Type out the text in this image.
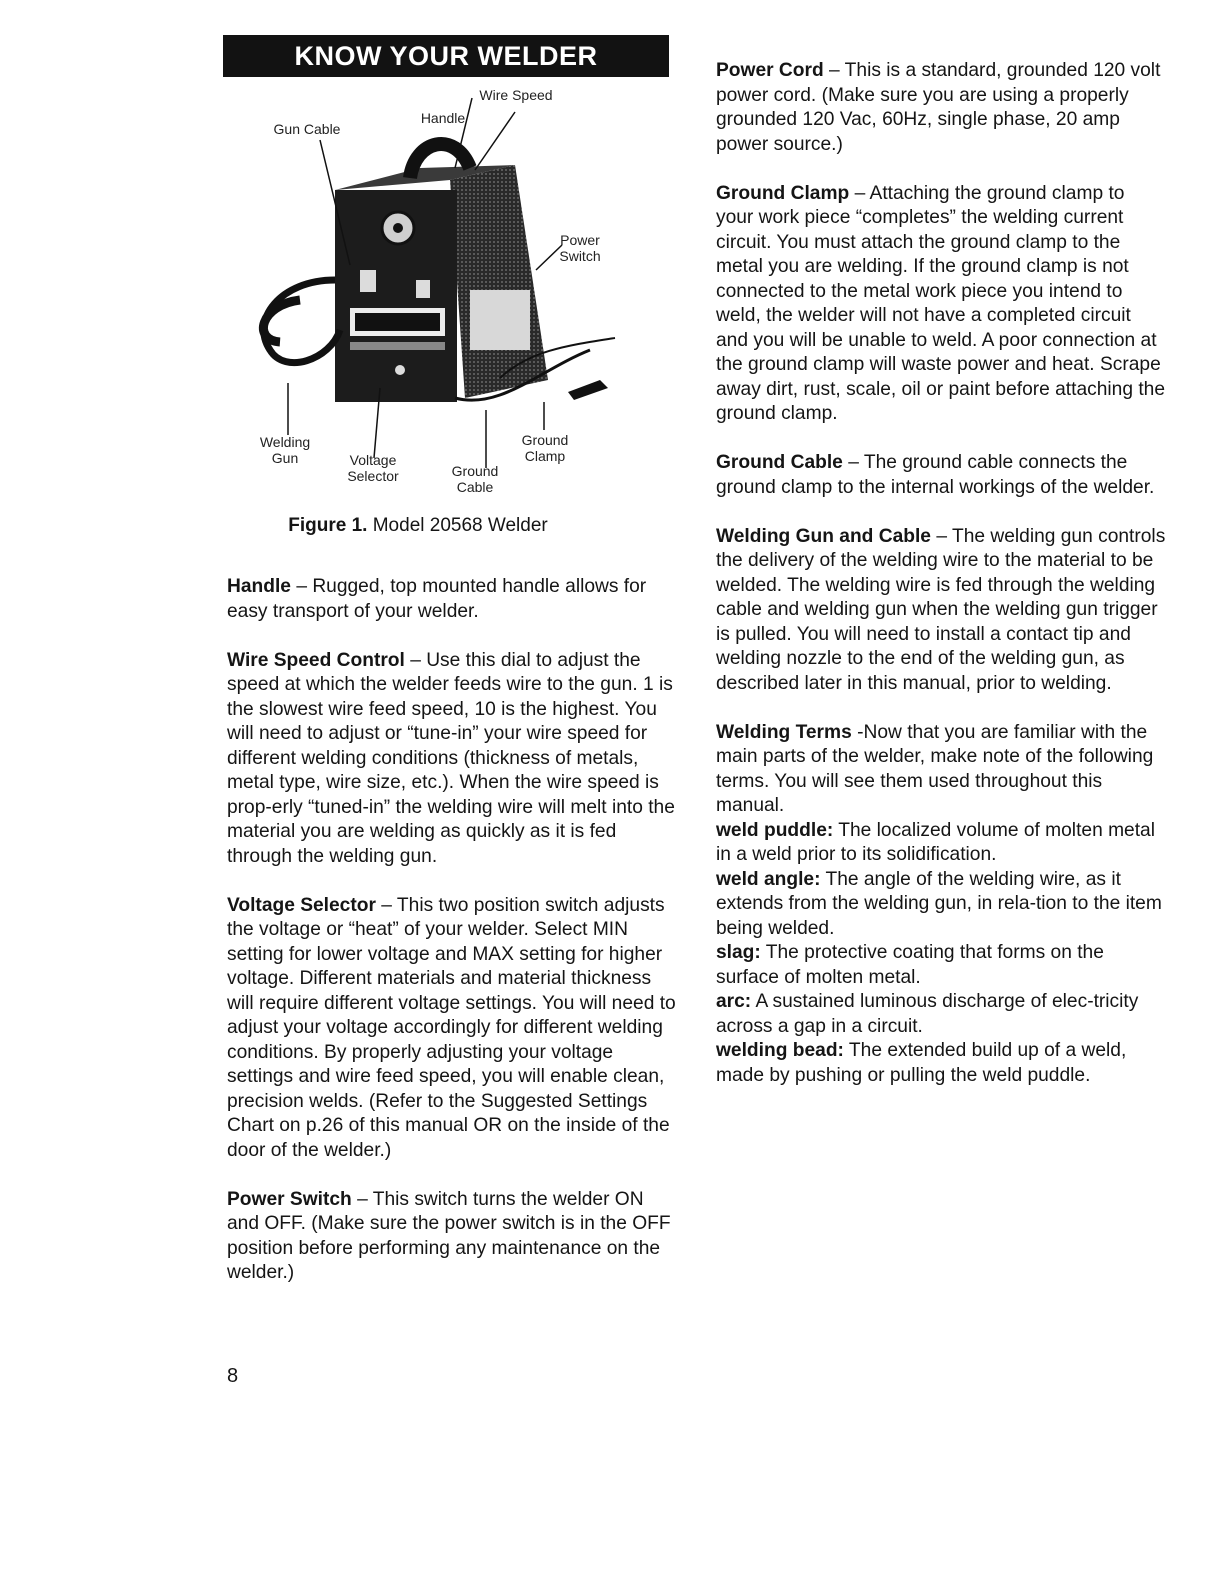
KNOW YOUR WELDER
Wire Speed
Handle
Gun Cable
Power
Switch
Welding
Gun	Voltage
Selector	Ground
Cable
Ground
Clamp
Figure 1. Model 20568 Welder

Handle – Rugged, top mounted handle allows for easy transport of your welder.

Wire Speed Control – Use this dial to adjust the speed at which the welder feeds wire to the gun. 1 is the slowest wire feed speed, 10 is the highest. You will need to adjust or “tune-in” your wire speed for different welding conditions (thickness of metals, metal type, wire size, etc.). When the wire speed is prop-erly “tuned-in” the welding wire will melt into the material you are welding as quickly as it is fed through the welding gun.

Voltage Selector – This two position switch adjusts the voltage or “heat” of your welder. Select MIN setting for lower voltage and MAX setting for higher voltage. Different materials and material thickness will require different voltage settings. You will need to adjust your voltage accordingly for different welding conditions. By properly adjusting your voltage settings and wire feed speed, you will enable clean, precision welds. (Refer to the Suggested Settings Chart on p.26 of this manual OR on the inside of the door of the welder.)

Power Switch – This switch turns the welder ON and OFF. (Make sure the power switch is in the OFF position before performing any maintenance on the welder.)

Power Cord – This is a standard, grounded 120 volt power cord. (Make sure you are using a properly grounded 120 Vac, 60Hz, single phase, 20 amp power source.)

Ground Clamp – Attaching the ground clamp to your work piece “completes” the welding current circuit. You must attach the ground clamp to the metal you are welding. If the ground clamp is not connected to the metal work piece you intend to weld, the welder will not have a completed circuit and you will be unable to weld. A poor connection at the ground clamp will waste power and heat. Scrape away dirt, rust, scale, oil or paint before attaching the ground clamp.

Ground Cable – The ground cable connects the ground clamp to the internal workings of the welder.

Welding Gun and Cable – The welding gun controls the delivery of the welding wire to the material to be welded. The welding wire is fed through the welding cable and welding gun when the welding gun trigger is pulled. You will need to install a contact tip and welding nozzle to the end of the welding gun, as described later in this manual, prior to welding.

Welding Terms -Now that you are familiar with the main parts of the welder, make note of the following terms. You will see them used throughout this manual.

weld puddle: The localized volume of molten metal in a weld prior to its solidification.

weld angle: The angle of the welding wire, as it extends from the welding gun, in rela-tion to the item being welded.

slag: The protective coating that forms on the surface of molten metal.

arc: A sustained luminous discharge of elec-tricity across a gap in a circuit.

welding bead: The extended build up of a weld, made by pushing or pulling the weld puddle.

8
